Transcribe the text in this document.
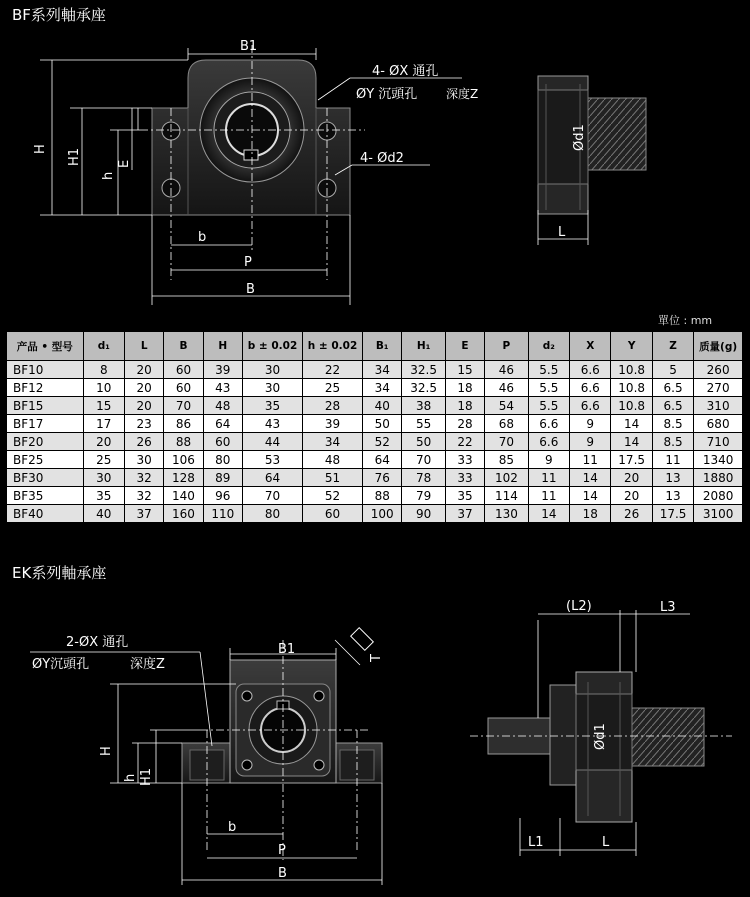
BF系列軸承座
B1
H H1
h
E
b
P
B
4- ØX 通孔
ØY 沉頭孔 深度Z
4- Ød2
Ød1
L
單位 : mm
产品 • 型号	d₁	L	B	H	b ± 0.02	h ± 0.02	B₁	H₁	E	P	d₂	X	Y	Z	质量(g)
BF10	8	20	60	39	30	22	34	32.5	15	46	5.5	6.6	10.8	5	260
BF12	10	20	60	43	30	25	34	32.5	18	46	5.5	6.6	10.8	6.5	270
BF15	15	20	70	48	35	28	40	38	18	54	5.5	6.6	10.8	6.5	310
BF17	17	23	86	64	43	39	50	55	28	68	6.6	9	14	8.5	680
BF20	20	26	88	60	44	34	52	50	22	70	6.6	9	14	8.5	710
BF25	25	30	106	80	53	48	64	70	33	85	9	11	17.5	11	1340
BF30	30	32	128	89	64	51	76	78	33	102	11	14	20	13	1880
BF35	35	32	140	96	70	52	88	79	35	114	11	14	20	13	2080
BF40	40	37	160	110	80	60	100	90	37	130	14	18	26	17.5	3100
EK系列軸承座
B1
H
h H1
b
P
B
T
2-ØX 通孔
ØY沉頭孔	深度Z
Ød1
(L2)	L3
L1	L
